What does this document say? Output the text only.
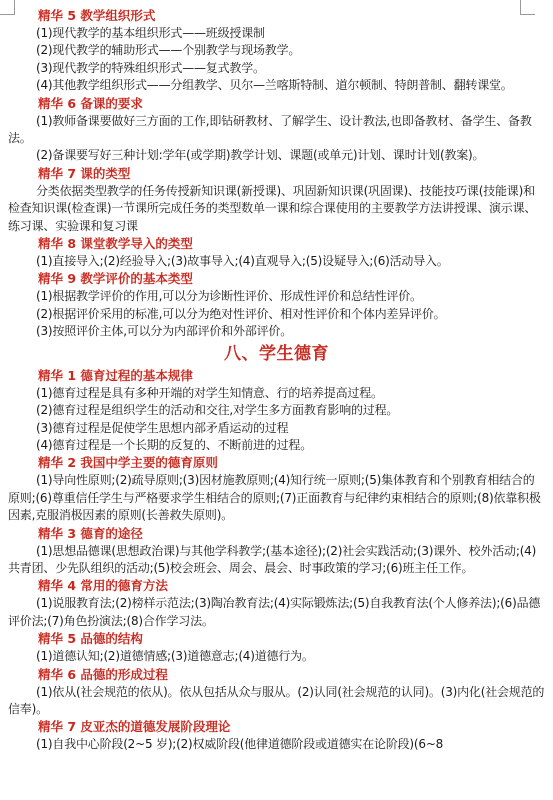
精华 5 教学组织形式
(1)现代教学的基本组织形式——班级授课制
(2)现代教学的辅助形式——个别教学与现场教学。
(3)现代教学的特殊组织形式——复式教学。
(4)其他教学组织形式——分组教学、贝尔—兰喀斯特制、道尔顿制、特朗普制、翻转课堂。
精华 6 备课的要求
(1)教师备课要做好三方面的工作,即钻研教材、了解学生、设计教法,也即备教材、备学生、备教法。
(2)备课要写好三种计划:学年(或学期)教学计划、课题(或单元)计划、课时计划(教案)。
精华 7 课的类型
分类依据类型教学的任务传授新知识课(新授课)、巩固新知识课(巩固课)、技能技巧课(技能课)和检查知识课(检查课)一节课所完成任务的类型数单一课和综合课使用的主要教学方法讲授课、演示课、练习课、实验课和复习课
精华 8 课堂教学导入的类型
(1)直接导入;(2)经验导入;(3)故事导入;(4)直观导入;(5)设疑导入;(6)活动导入。
精华 9 教学评价的基本类型
(1)根据教学评价的作用,可以分为诊断性评价、形成性评价和总结性评价。
(2)根据评价采用的标准,可以分为绝对性评价、相对性评价和个体内差异评价。
(3)按照评价主体,可以分为内部评价和外部评价。
八、学生德育
精华 1 德育过程的基本规律
(1)德育过程是具有多种开端的对学生知情意、行的培养提高过程。
(2)德育过程是组织学生的活动和交往,对学生多方面教育影响的过程。
(3)德育过程是促使学生思想内部矛盾运动的过程
(4)德育过程是一个长期的反复的、不断前进的过程。
精华 2 我国中学主要的德育原则
(1)导向性原则;(2)疏导原则;(3)因材施教原则;(4)知行统一原则;(5)集体教育和个别教育相结合的原则;(6)尊重信任学生与严格要求学生相结合的原则;(7)正面教育与纪律约束相结合的原则;(8)依靠积极因素,克服消极因素的原则(长善救失原则)。
精华 3 德育的途径
(1)思想品德课(思想政治课)与其他学科教学;(基本途径);(2)社会实践活动;(3)课外、校外活动;(4)共青团、少先队组织的活动;(5)校会班会、周会、晨会、时事政策的学习;(6)班主任工作。
精华 4 常用的德育方法
(1)说服教育法;(2)榜样示范法;(3)陶冶教育法;(4)实际锻炼法;(5)自我教育法(个人修养法);(6)品德评价法;(7)角色扮演法;(8)合作学习法。
精华 5 品德的结构
(1)道德认知;(2)道德情感;(3)道德意志;(4)道德行为。
精华 6 品德的形成过程
(1)依从(社会规范的依从)。依从包括从众与服从。(2)认同(社会规范的认同)。(3)内化(社会规范的信奉)。
精华 7 皮亚杰的道德发展阶段理论
(1)自我中心阶段(2~5 岁);(2)权威阶段(他律道德阶段或道德实在论阶段)(6~8
